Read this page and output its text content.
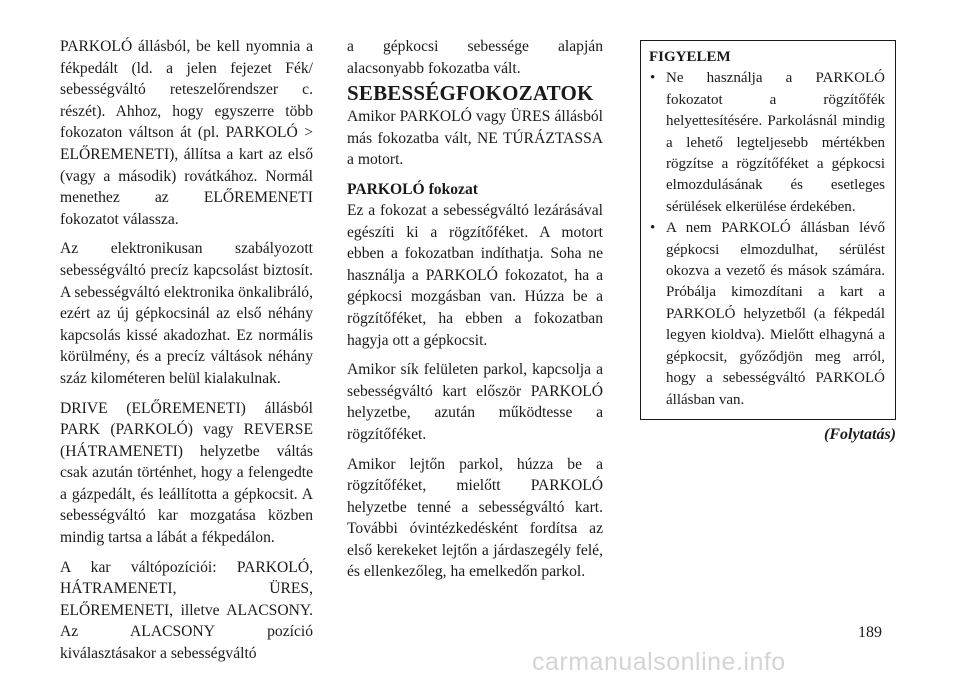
PARKOLÓ állásból, be kell nyomnia a fékpedált (ld. a jelen fejezet Fék/ sebességváltó reteszelőrendszer c. részét). Ahhoz, hogy egyszerre több fokozaton váltson át (pl. PARKOLÓ > ELŐREMENETI), állítsa a kart az első (vagy a második) rovátkához. Normál menethez az ELŐREMENETI fokozatot válassza.

Az elektronikusan szabályozott sebességváltó precíz kapcsolást biztosít. A sebességváltó elektronika önkalibráló, ezért az új gépkocsinál az első néhány kapcsolás kissé akadozhat. Ez normális körülmény, és a precíz váltások néhány száz kilométeren belül kialakulnak.

DRIVE (ELŐREMENETI) állásból PARK (PARKOLÓ) vagy REVERSE (HÁTRAMENETI) helyzetbe váltás csak azután történhet, hogy a felengedte a gázpedált, és leállította a gépkocsit. A sebességváltó kar mozgatása közben mindig tartsa a lábát a fékpedálon.

A kar váltópozíciói: PARKOLÓ, HÁTRAMENETI, ÜRES, ELŐREMENETI, illetve ALACSONY. Az ALACSONY pozíció kiválasztásakor a sebességváltó

a gépkocsi sebessége alapján alacsonyabb fokozatba vált.

SEBESSÉGFOKOZATOK

Amikor PARKOLÓ vagy ÜRES állásból más fokozatba vált, NE TÚRÁZTASSA a motort.

PARKOLÓ fokozat

Ez a fokozat a sebességváltó lezárásával egészíti ki a rögzítőféket. A motort ebben a fokozatban indíthatja. Soha ne használja a PARKOLÓ fokozatot, ha a gépkocsi mozgásban van. Húzza be a rögzítőféket, ha ebben a fokozatban hagyja ott a gépkocsit.

Amikor sík felületen parkol, kapcsolja a sebességváltó kart először PARKOLÓ helyzetbe, azután működtesse a rögzítőféket.

Amikor lejtőn parkol, húzza be a rögzítőféket, mielőtt PARKOLÓ helyzetbe tenné a sebességváltó kart. További óvintézkedésként fordítsa az első kerekeket lejtőn a járdaszegély felé, és ellenkezőleg, ha emelkedőn parkol.

FIGYELEM
• Ne használja a PARKOLÓ fokozatot a rögzítőfék helyettesítésére. Parkolásnál mindig a lehető legteljesebb mértékben rögzítse a rögzítőféket a gépkocsi elmozdulásának és esetleges sérülések elkerülése érdekében.
• A nem PARKOLÓ állásban lévő gépkocsi elmozdulhat, sérülést okozva a vezető és mások számára. Próbálja kimozdítani a kart a PARKOLÓ helyzetből (a fékpedál legyen kioldva). Mielőtt elhagyná a gépkocsit, győződjön meg arról, hogy a sebességváltó PARKOLÓ állásban van.
(Folytatás)
189
carmanualsonline.info
